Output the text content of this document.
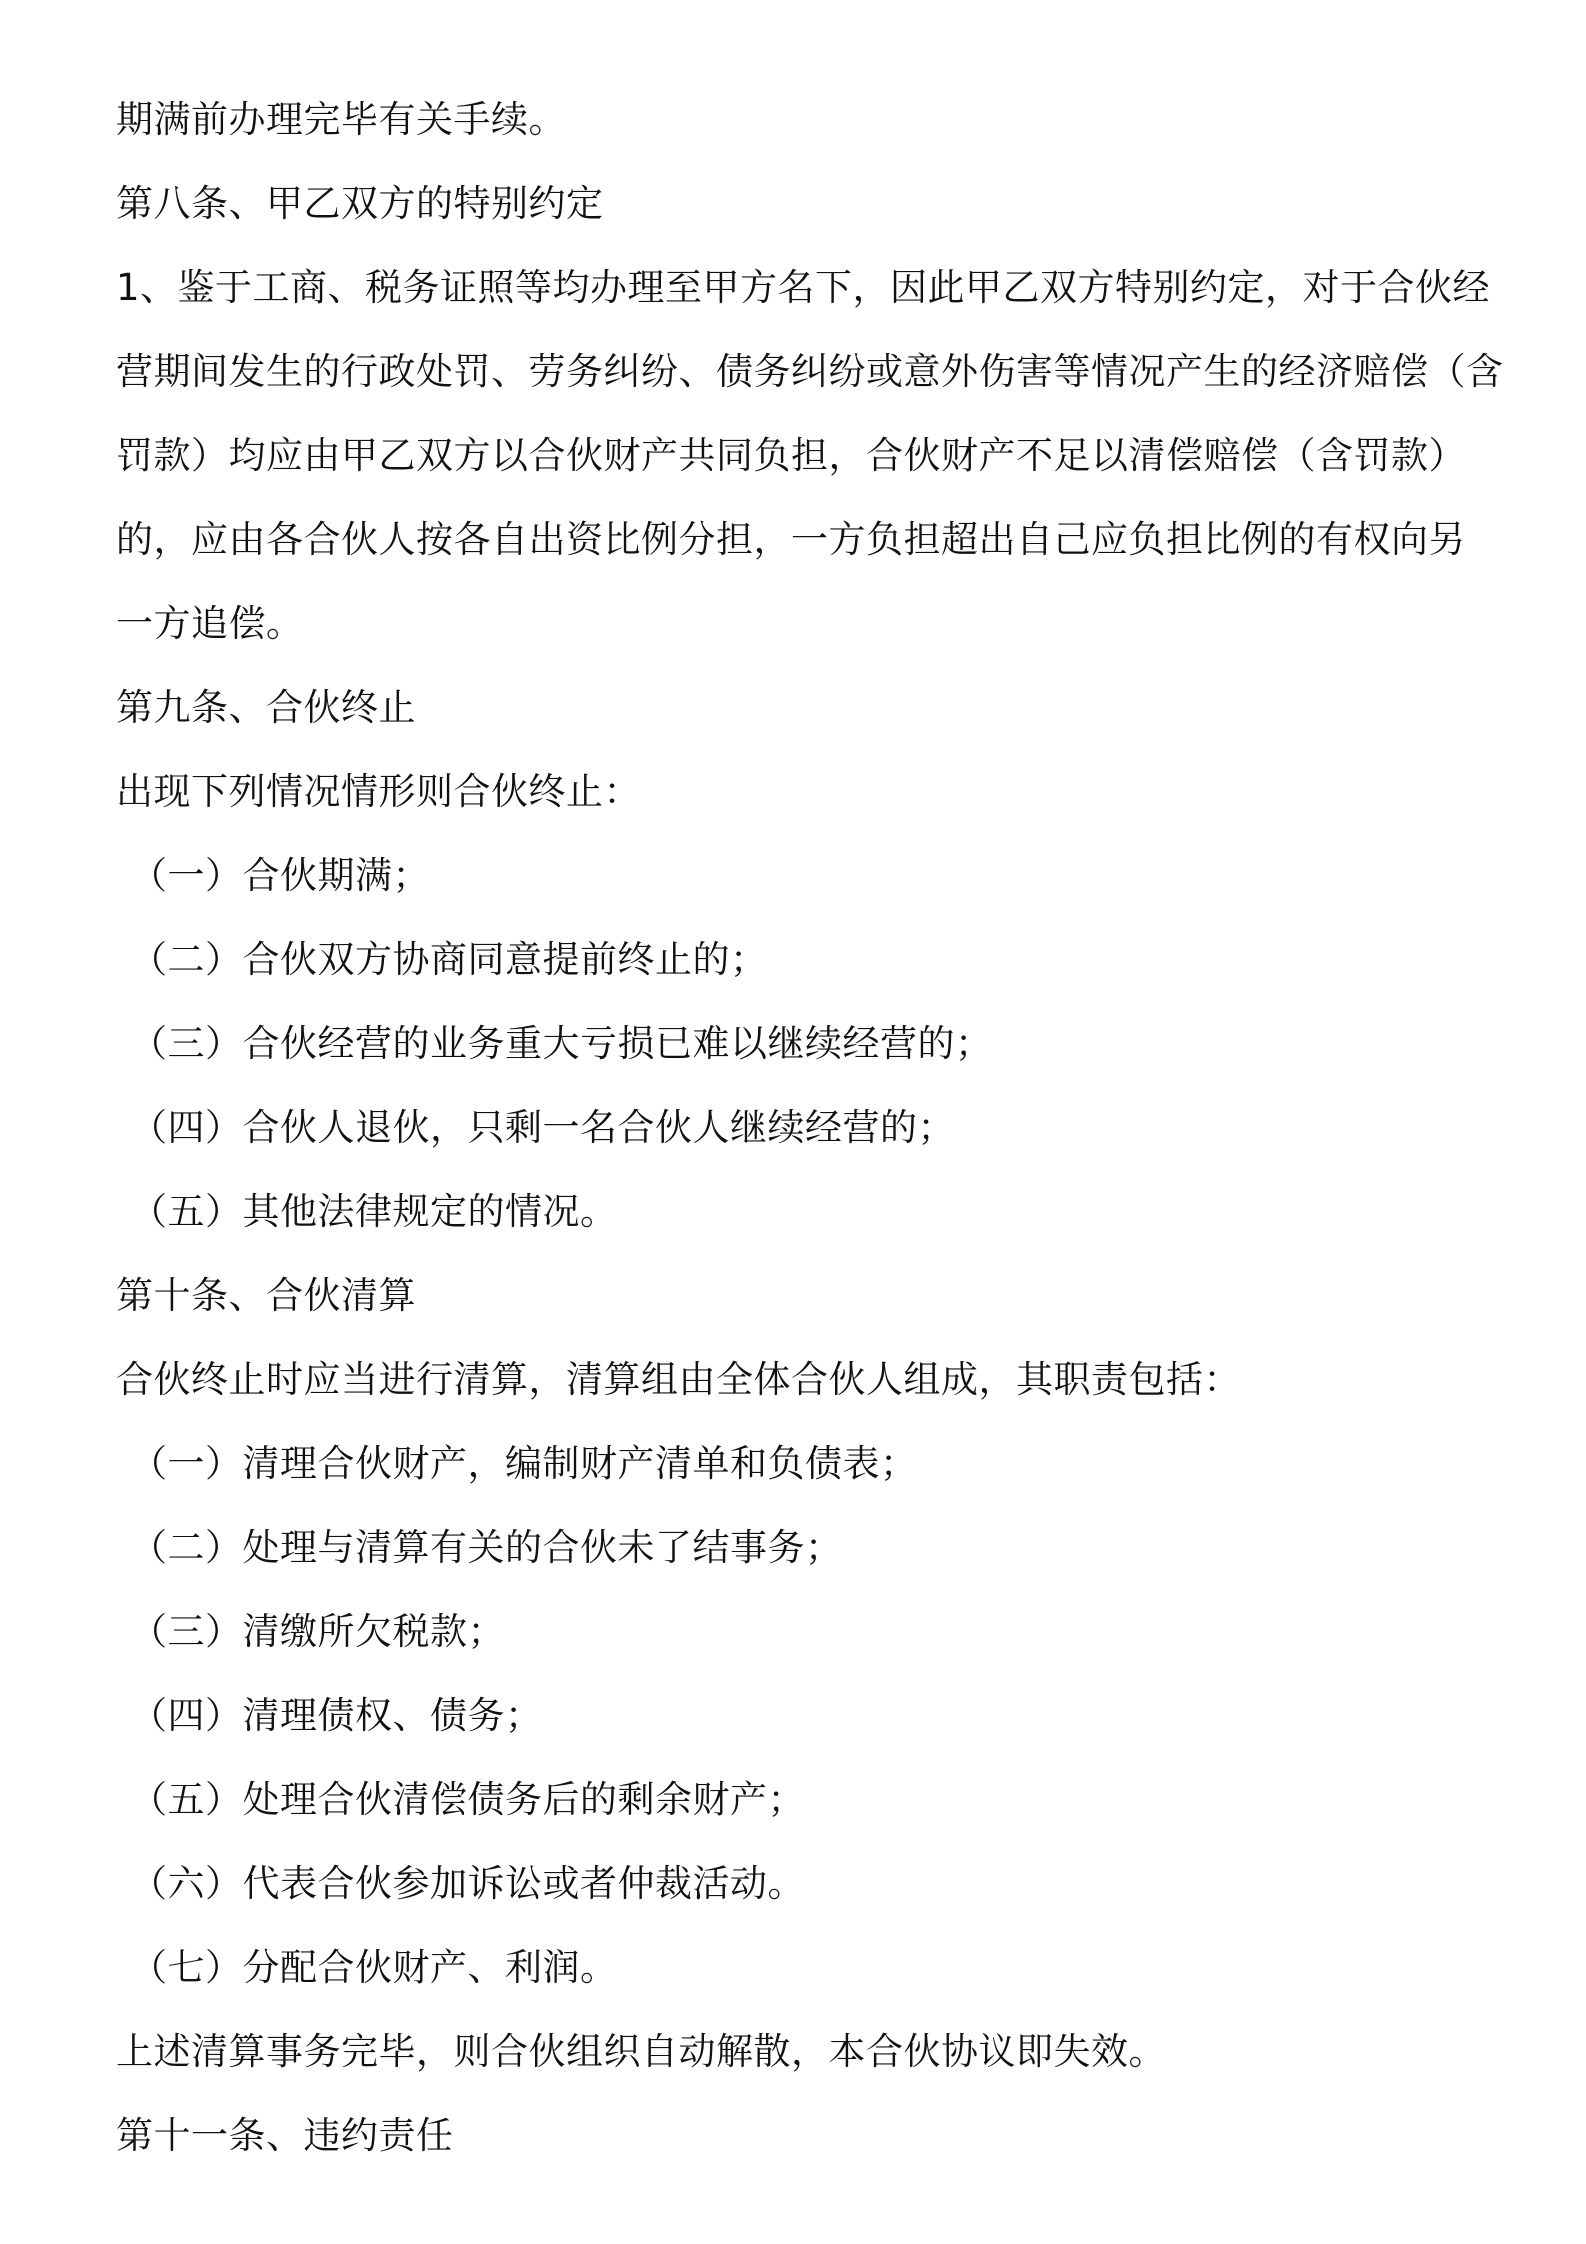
期满前办理完毕有关手续。
第八条、甲乙双方的特别约定
1、鉴于工商、税务证照等均办理至甲方名下，因此甲乙双方特别约定，对于合伙经
营期间发生的行政处罚、劳务纠纷、债务纠纷或意外伤害等情况产生的经济赔偿（含
罚款）均应由甲乙双方以合伙财产共同负担，合伙财产不足以清偿赔偿（含罚款）
的，应由各合伙人按各自出资比例分担，一方负担超出自己应负担比例的有权向另
一方追偿。
第九条、合伙终止
出现下列情况情形则合伙终止：
（一）合伙期满；
（二）合伙双方协商同意提前终止的；
（三）合伙经营的业务重大亏损已难以继续经营的；
（四）合伙人退伙，只剩一名合伙人继续经营的；
（五）其他法律规定的情况。
第十条、合伙清算
合伙终止时应当进行清算，清算组由全体合伙人组成，其职责包括：
（一）清理合伙财产，编制财产清单和负债表；
（二）处理与清算有关的合伙未了结事务；
（三）清缴所欠税款；
（四）清理债权、债务；
（五）处理合伙清偿债务后的剩余财产；
（六）代表合伙参加诉讼或者仲裁活动。
（七）分配合伙财产、利润。
上述清算事务完毕，则合伙组织自动解散，本合伙协议即失效。
第十一条、违约责任
